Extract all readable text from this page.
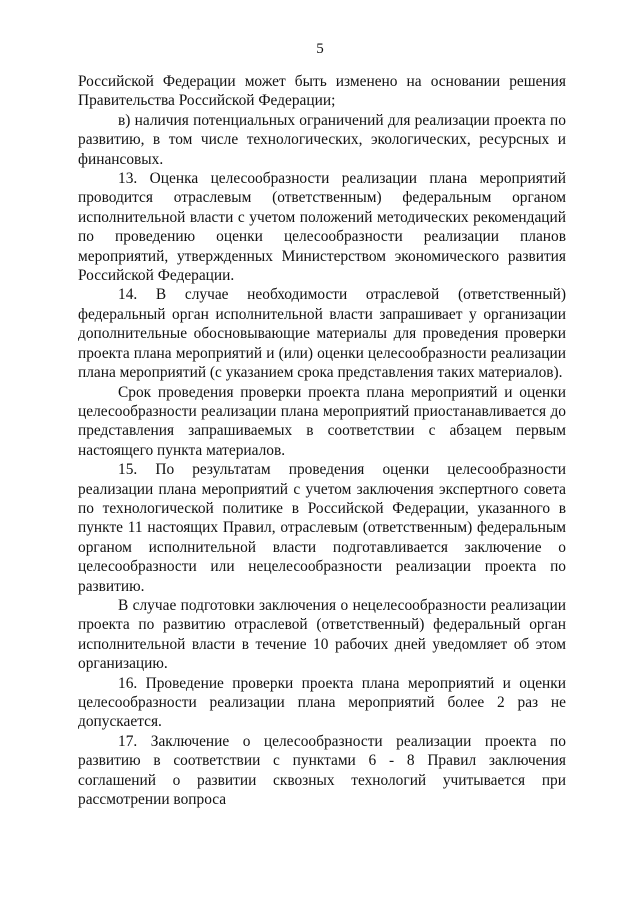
5

Российской Федерации может быть изменено на основании решения Правительства Российской Федерации;

в) наличия потенциальных ограничений для реализации проекта по развитию, в том числе технологических, экологических, ресурсных и финансовых.

13. Оценка целесообразности реализации плана мероприятий проводится отраслевым (ответственным) федеральным органом исполнительной власти с учетом положений методических рекомендаций по проведению оценки целесообразности реализации планов мероприятий, утвержденных Министерством экономического развития Российской Федерации.

14. В случае необходимости отраслевой (ответственный) федеральный орган исполнительной власти запрашивает у организации дополнительные обосновывающие материалы для проведения проверки проекта плана мероприятий и (или) оценки целесообразности реализации плана мероприятий (с указанием срока представления таких материалов).

Срок проведения проверки проекта плана мероприятий и оценки целесообразности реализации плана мероприятий приостанавливается до представления запрашиваемых в соответствии с абзацем первым настоящего пункта материалов.

15. По результатам проведения оценки целесообразности реализации плана мероприятий с учетом заключения экспертного совета по технологической политике в Российской Федерации, указанного в пункте 11 настоящих Правил, отраслевым (ответственным) федеральным органом исполнительной власти подготавливается заключение о целесообразности или нецелесообразности реализации проекта по развитию.

В случае подготовки заключения о нецелесообразности реализации проекта по развитию отраслевой (ответственный) федеральный орган исполнительной власти в течение 10 рабочих дней уведомляет об этом организацию.

16. Проведение проверки проекта плана мероприятий и оценки целесообразности реализации плана мероприятий более 2 раз не допускается.

17. Заключение о целесообразности реализации проекта по развитию в соответствии с пунктами 6 - 8 Правил заключения соглашений о развитии сквозных технологий учитывается при рассмотрении вопроса
